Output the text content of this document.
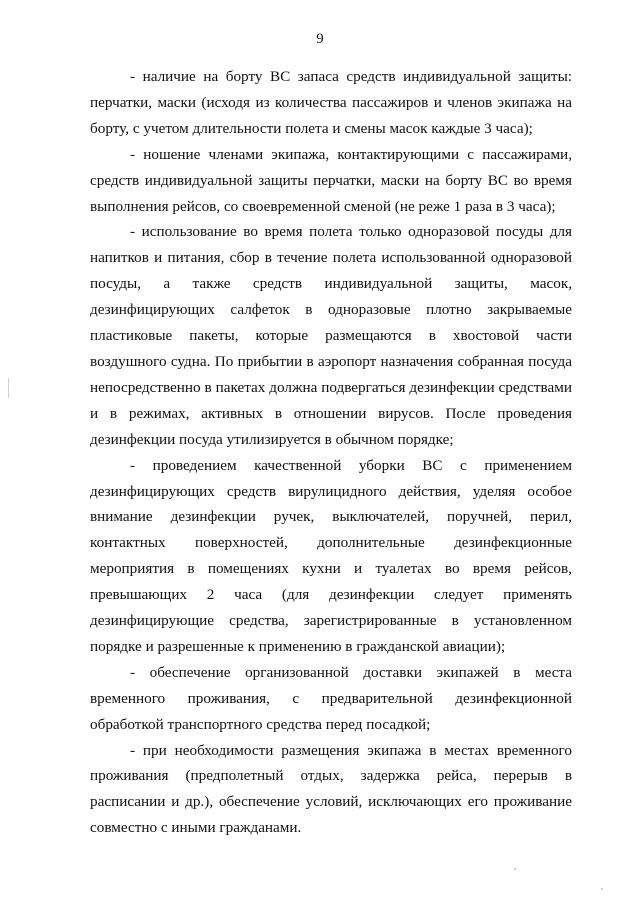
9

- наличие на борту ВС запаса средств индивидуальной защиты: перчатки, маски (исходя из количества пассажиров и членов экипажа на борту, с учетом длительности полета и смены масок каждые 3 часа);

- ношение членами экипажа, контактирующими с пассажирами, средств индивидуальной защиты перчатки, маски на борту ВС во время выполнения рейсов, со своевременной сменой (не реже 1 раза в 3 часа);

- использование во время полета только одноразовой посуды для напитков и питания, сбор в течение полета использованной одноразовой посуды, а также средств индивидуальной защиты, масок, дезинфицирующих салфеток в одноразовые плотно закрываемые пластиковые пакеты, которые размещаются в хвостовой части воздушного судна. По прибытии в аэропорт назначения собранная посуда непосредственно в пакетах должна подвергаться дезинфекции средствами и в режимах, активных в отношении вирусов. После проведения дезинфекции посуда утилизируется в обычном порядке;

- проведением качественной уборки ВС с применением дезинфицирующих средств вирулицидного действия, уделяя особое внимание дезинфекции ручек, выключателей, поручней, перил, контактных поверхностей, дополнительные дезинфекционные мероприятия в помещениях кухни и туалетах во время рейсов, превышающих 2 часа (для дезинфекции следует применять дезинфицирующие средства, зарегистрированные в установленном порядке и разрешенные к применению в гражданской авиации);

- обеспечение организованной доставки экипажей в места временного проживания, с предварительной дезинфекционной обработкой транспортного средства перед посадкой;

- при необходимости размещения экипажа в местах временного проживания (предполетный отдых, задержка рейса, перерыв в расписании и др.), обеспечение условий, исключающих его проживание совместно с иными гражданами.
